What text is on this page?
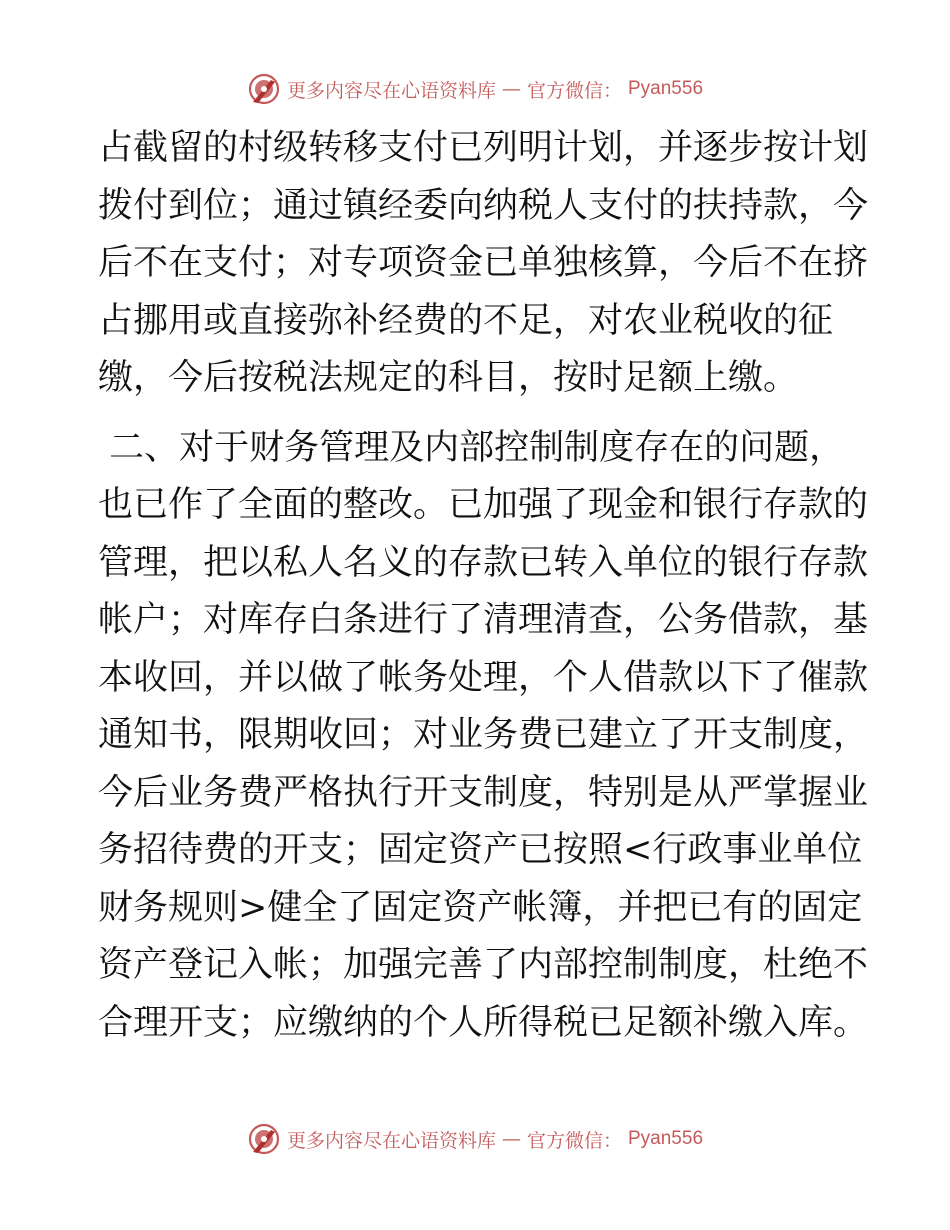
更多内容尽在心语资料库 — 官方微信： Pyan556
占截留的村级转移支付已列明计划，并逐步按计划
拨付到位；通过镇经委向纳税人支付的扶持款，今
后不在支付；对专项资金已单独核算，今后不在挤
占挪用或直接弥补经费的不足，对农业税收的征
缴，今后按税法规定的科目，按时足额上缴。
二、对于财务管理及内部控制制度存在的问题，
也已作了全面的整改。已加强了现金和银行存款的
管理，把以私人名义的存款已转入单位的银行存款
帐户；对库存白条进行了清理清查，公务借款，基
本收回，并以做了帐务处理，个人借款以下了催款
通知书，限期收回；对业务费已建立了开支制度，
今后业务费严格执行开支制度，特别是从严掌握业
务招待费的开支；固定资产已按照<行政事业单位
财务规则>健全了固定资产帐簿，并把已有的固定
资产登记入帐；加强完善了内部控制制度，杜绝不
合理开支；应缴纳的个人所得税已足额补缴入库。
更多内容尽在心语资料库 — 官方微信： Pyan556
